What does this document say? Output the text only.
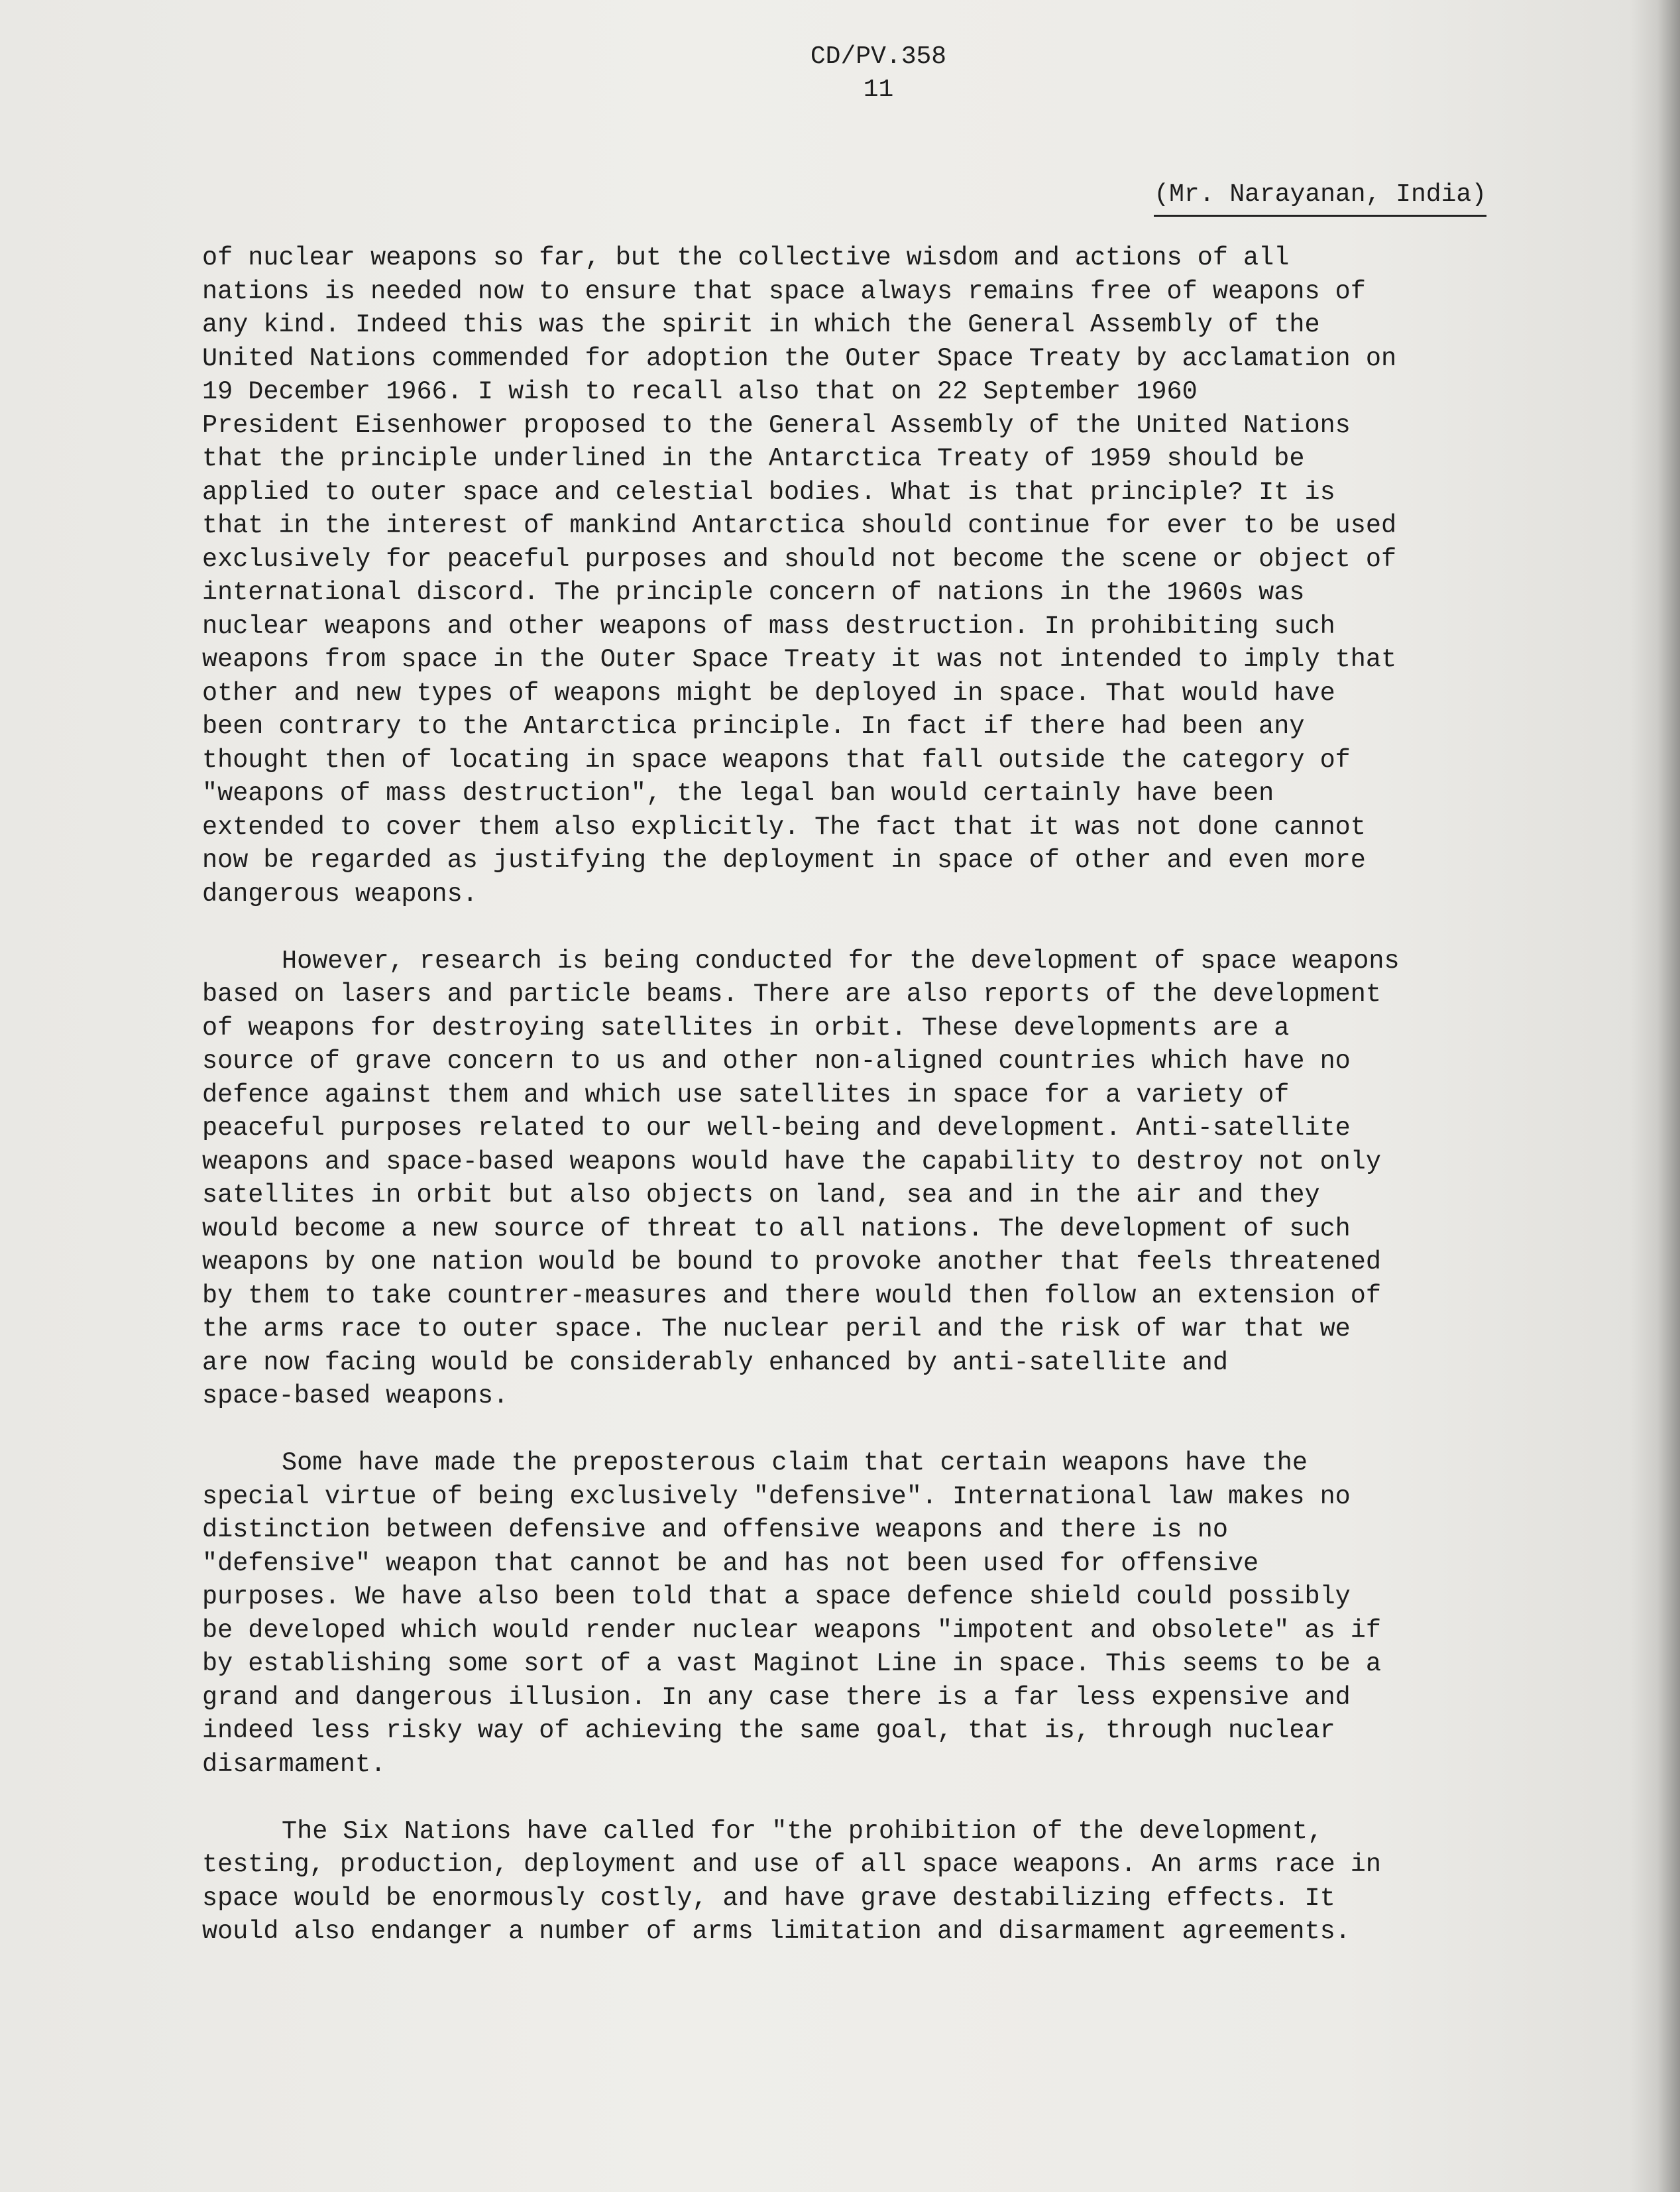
CD/PV.358
11
(Mr. Narayanan, India)

of nuclear weapons so far, but the collective wisdom and actions of all
nations is needed now to ensure that space always remains free of weapons of
any kind. Indeed this was the spirit in which the General Assembly of the
United Nations commended for adoption the Outer Space Treaty by acclamation on
19 December 1966. I wish to recall also that on 22 September 1960
President Eisenhower proposed to the General Assembly of the United Nations
that the principle underlined in the Antarctica Treaty of 1959 should be
applied to outer space and celestial bodies. What is that principle? It is
that in the interest of mankind Antarctica should continue for ever to be used
exclusively for peaceful purposes and should not become the scene or object of
international discord. The principle concern of nations in the 1960s was
nuclear weapons and other weapons of mass destruction. In prohibiting such
weapons from space in the Outer Space Treaty it was not intended to imply that
other and new types of weapons might be deployed in space. That would have
been contrary to the Antarctica principle. In fact if there had been any
thought then of locating in space weapons that fall outside the category of
"weapons of mass destruction", the legal ban would certainly have been
extended to cover them also explicitly. The fact that it was not done cannot
now be regarded as justifying the deployment in space of other and even more
dangerous weapons.

However, research is being conducted for the development of space weapons
based on lasers and particle beams. There are also reports of the development
of weapons for destroying satellites in orbit. These developments are a
source of grave concern to us and other non-aligned countries which have no
defence against them and which use satellites in space for a variety of
peaceful purposes related to our well-being and development. Anti-satellite
weapons and space-based weapons would have the capability to destroy not only
satellites in orbit but also objects on land, sea and in the air and they
would become a new source of threat to all nations. The development of such
weapons by one nation would be bound to provoke another that feels threatened
by them to take countrer-measures and there would then follow an extension of
the arms race to outer space. The nuclear peril and the risk of war that we
are now facing would be considerably enhanced by anti-satellite and
space-based weapons.

Some have made the preposterous claim that certain weapons have the
special virtue of being exclusively "defensive". International law makes no
distinction between defensive and offensive weapons and there is no
"defensive" weapon that cannot be and has not been used for offensive
purposes. We have also been told that a space defence shield could possibly
be developed which would render nuclear weapons "impotent and obsolete" as if
by establishing some sort of a vast Maginot Line in space. This seems to be a
grand and dangerous illusion. In any case there is a far less expensive and
indeed less risky way of achieving the same goal, that is, through nuclear
disarmament.

The Six Nations have called for "the prohibition of the development,
testing, production, deployment and use of all space weapons. An arms race in
space would be enormously costly, and have grave destabilizing effects. It
would also endanger a number of arms limitation and disarmament agreements.
